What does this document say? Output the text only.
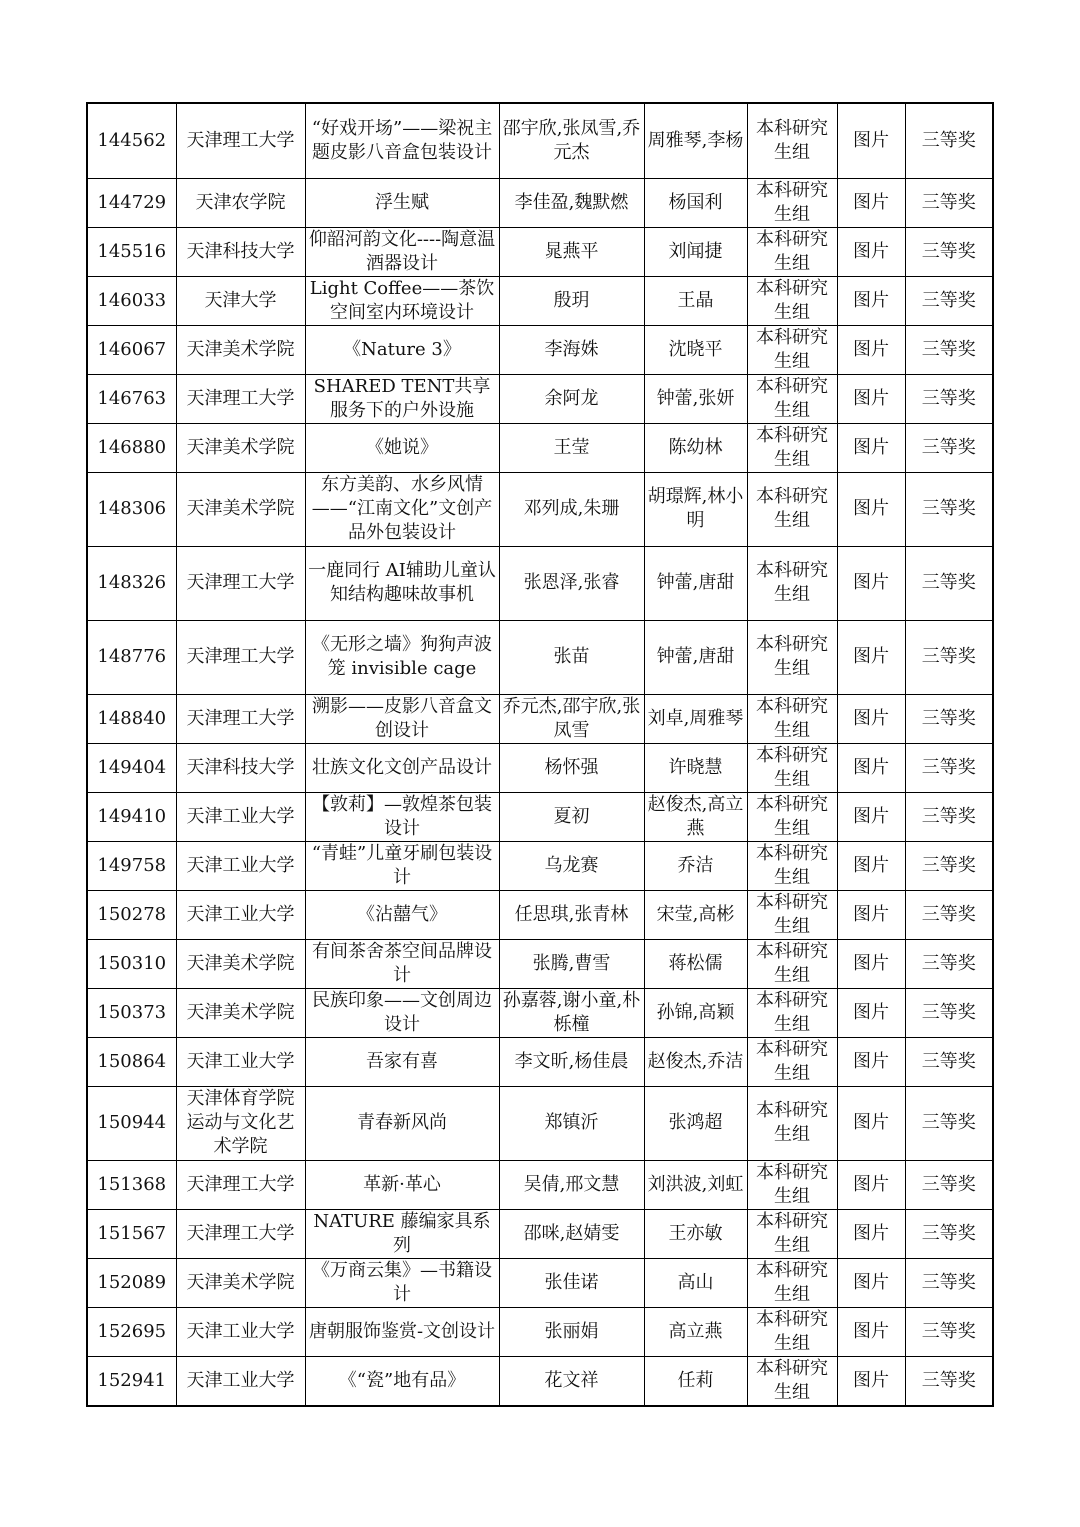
144562	天津理工大学	“好戏开场”——梁祝主题皮影八音盒包装设计	邵宇欣,张凤雪,乔元杰	周雅琴,李杨	本科研究生组	图片	三等奖
144729	天津农学院	浮生赋	李佳盈,魏默燃	杨国利	本科研究生组	图片	三等奖
145516	天津科技大学	仰韶河韵文化----陶意温酒器设计	晁燕平	刘闻捷	本科研究生组	图片	三等奖
146033	天津大学	Light Coffee——茶饮空间室内环境设计	殷玥	王晶	本科研究生组	图片	三等奖
146067	天津美术学院	《Nature 3》	李海姝	沈晓平	本科研究生组	图片	三等奖
146763	天津理工大学	SHARED TENT共享服务下的户外设施	余阿龙	钟蕾,张妍	本科研究生组	图片	三等奖
146880	天津美术学院	《她说》	王莹	陈幼林	本科研究生组	图片	三等奖
148306	天津美术学院	东方美韵、水乡风情——“江南文化”文创产品外包装设计	邓列成,朱珊	胡璟辉,林小明	本科研究生组	图片	三等奖
148326	天津理工大学	一鹿同行 AI辅助儿童认知结构趣味故事机	张恩泽,张睿	钟蕾,唐甜	本科研究生组	图片	三等奖
148776	天津理工大学	《无形之墙》狗狗声波笼 invisible cage	张苗	钟蕾,唐甜	本科研究生组	图片	三等奖
148840	天津理工大学	溯影——皮影八音盒文创设计	乔元杰,邵宇欣,张凤雪	刘卓,周雅琴	本科研究生组	图片	三等奖
149404	天津科技大学	壮族文化文创产品设计	杨怀强	许晓慧	本科研究生组	图片	三等奖
149410	天津工业大学	【敦莉】—敦煌茶包装设计	夏初	赵俊杰,高立燕	本科研究生组	图片	三等奖
149758	天津工业大学	“青蛙”儿童牙刷包装设计	乌龙赛	乔洁	本科研究生组	图片	三等奖
150278	天津工业大学	《沾囍气》	任思琪,张青林	宋莹,高彬	本科研究生组	图片	三等奖
150310	天津美术学院	有间茶舍茶空间品牌设计	张腾,曹雪	蒋松儒	本科研究生组	图片	三等奖
150373	天津美术学院	民族印象——文创周边设计	孙嘉蓉,谢小童,朴栎橦	孙锦,高颖	本科研究生组	图片	三等奖
150864	天津工业大学	吾家有喜	李文昕,杨佳晨	赵俊杰,乔洁	本科研究生组	图片	三等奖
150944	天津体育学院运动与文化艺术学院	青春新风尚	郑镇沂	张鸿超	本科研究生组	图片	三等奖
151368	天津理工大学	革新·革心	吴倩,邢文慧	刘洪波,刘虹	本科研究生组	图片	三等奖
151567	天津理工大学	NATURE 藤编家具系列	邵咪,赵婧雯	王亦敏	本科研究生组	图片	三等奖
152089	天津美术学院	《万商云集》—书籍设计	张佳诺	高山	本科研究生组	图片	三等奖
152695	天津工业大学	唐朝服饰鉴赏-文创设计	张丽娟	高立燕	本科研究生组	图片	三等奖
152941	天津工业大学	《“瓷”地有品》	花文祥	任莉	本科研究生组	图片	三等奖
